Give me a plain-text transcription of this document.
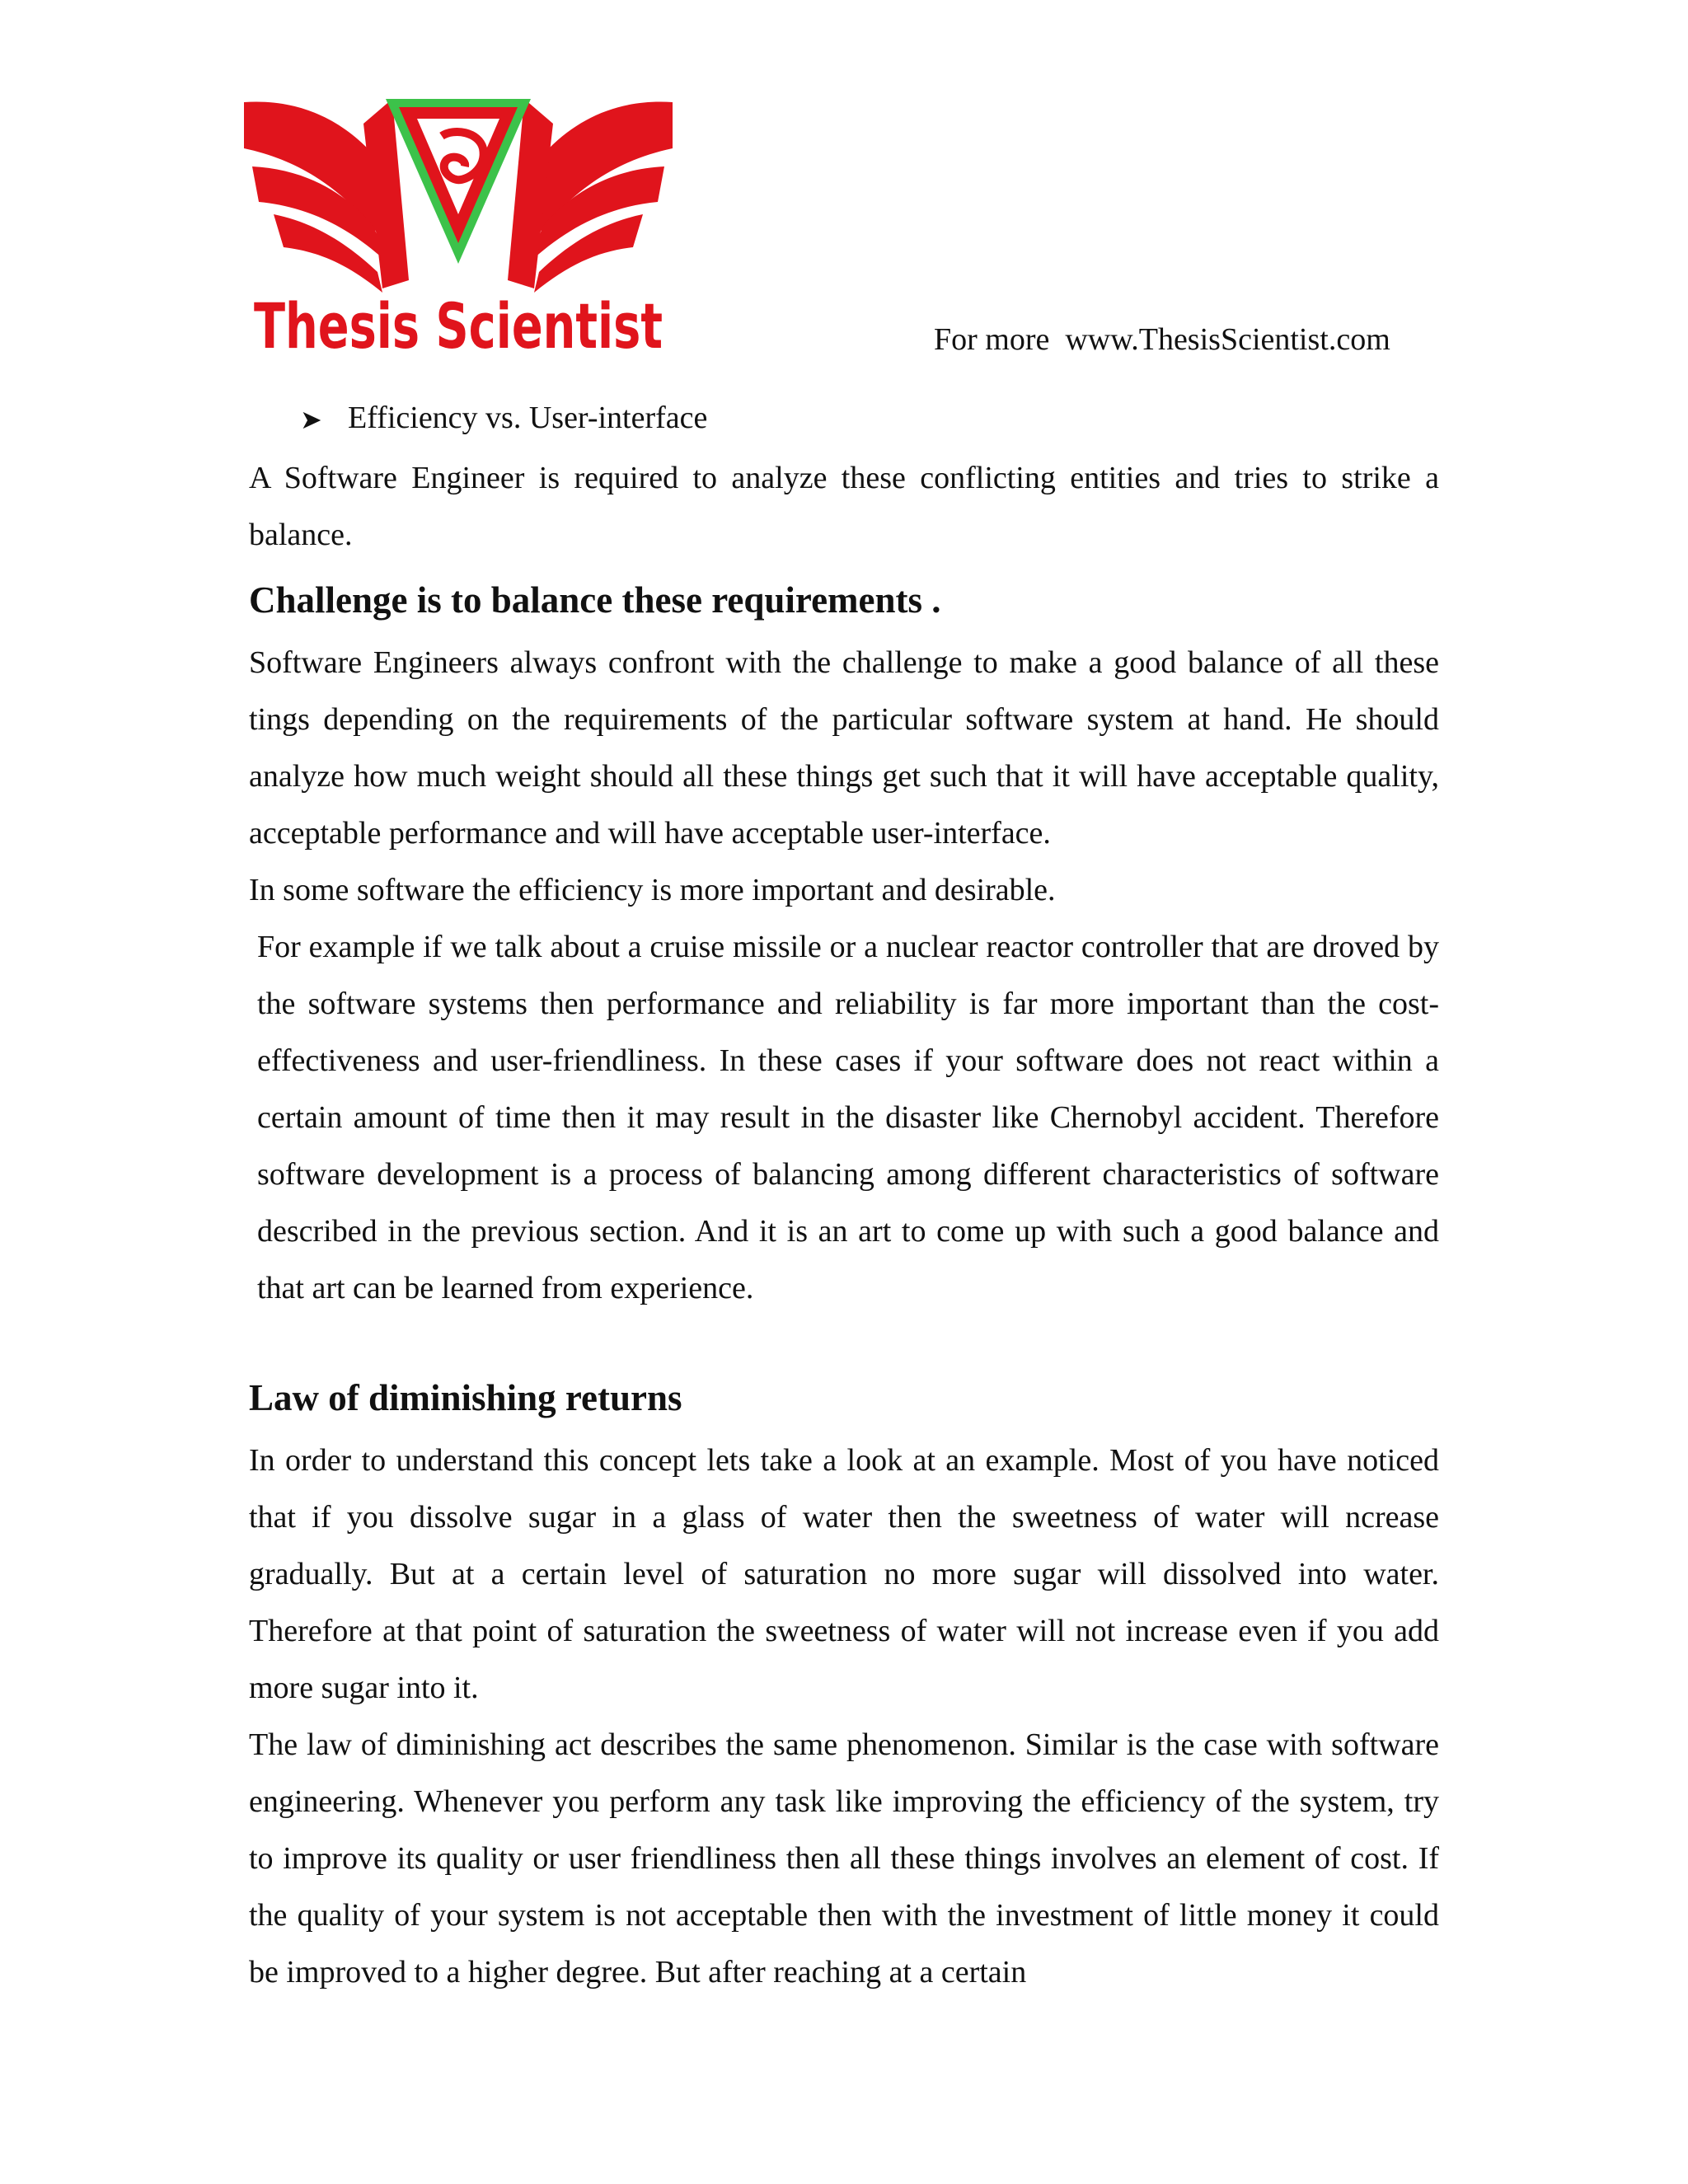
Thesis Scientist	For more  www.ThesisScientist.com
➤ Efficiency vs. User-interface

A Software Engineer is required to analyze these conflicting entities and tries to strike a balance.

Challenge is to balance these requirements .

Software Engineers always confront with the challenge to make a good balance of all these tings depending on the requirements of the particular software system at hand. He should analyze how much weight should all these things get such that it will have acceptable quality, acceptable performance and will have acceptable user-interface.

In some software the efficiency is more important and desirable.

For example if we talk about a cruise missile or a nuclear reactor controller that are droved by the software systems then performance and reliability is far more important than the cost-effectiveness and user-friendliness. In these cases if your software does not react within a certain amount of time then it may result in the disaster like Chernobyl accident. Therefore software development is a process of balancing among different characteristics of software described in the previous section. And it is an art to come up with such a good balance and that art can be learned from experience.

Law of diminishing returns

In order to understand this concept lets take a look at an example. Most of you have noticed that if you dissolve sugar in a glass of water then the sweetness of water will ncrease gradually. But at a certain level of saturation no more sugar will dissolved into water. Therefore at that point of saturation the sweetness of water will not increase even if you add more sugar into it.

The law of diminishing act describes the same phenomenon. Similar is the case with software engineering. Whenever you perform any task like improving the efficiency of the system, try to improve its quality or user friendliness then all these things involves an element of cost. If the quality of your system is not acceptable then with the investment of little money it could be improved to a higher degree. But after reaching at a certain
